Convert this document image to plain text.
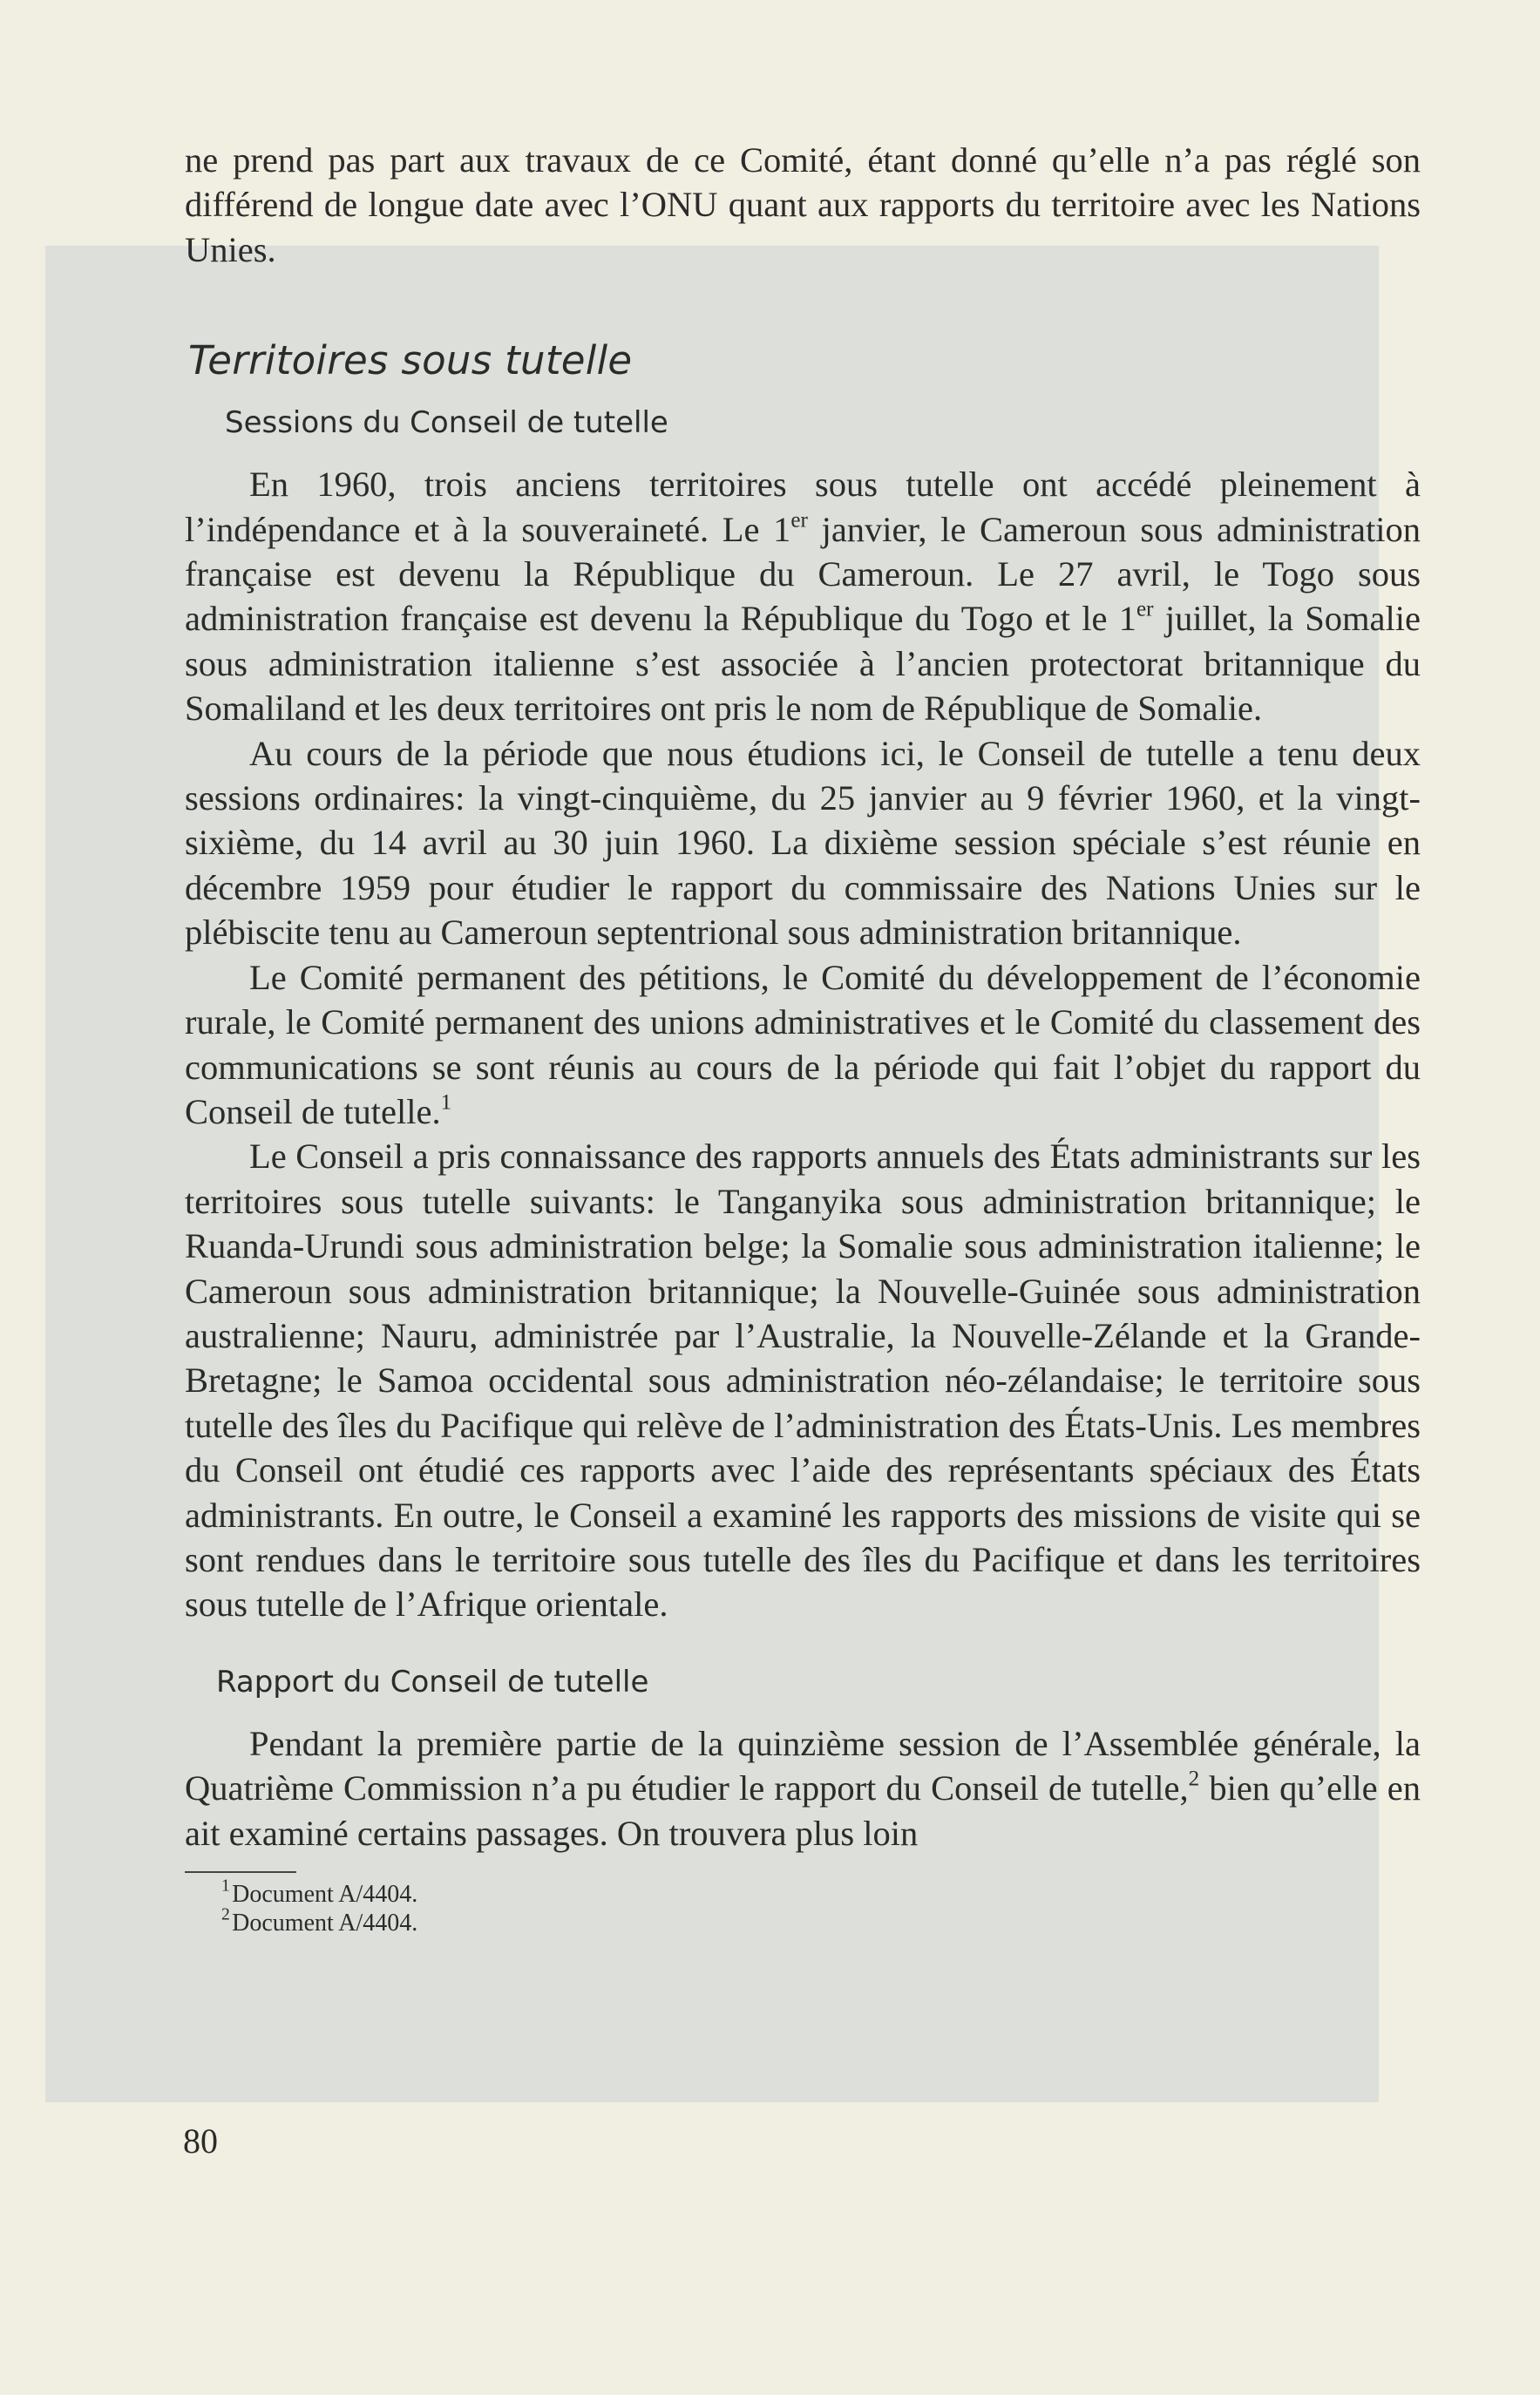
ne prend pas part aux travaux de ce Comité, étant donné qu’elle n’a pas réglé son différend de longue date avec l’ONU quant aux rapports du territoire avec les Nations Unies.

Territoires sous tutelle
Sessions du Conseil de tutelle

En 1960, trois anciens territoires sous tutelle ont accédé pleinement à l’indépendance et à la souveraineté. Le 1er janvier, le Cameroun sous administration française est devenu la République du Cameroun. Le 27 avril, le Togo sous administration française est devenu la République du Togo et le 1er juillet, la Somalie sous administration italienne s’est associée à l’ancien protectorat britannique du Somaliland et les deux territoires ont pris le nom de République de Somalie.

Au cours de la période que nous étudions ici, le Conseil de tutelle a tenu deux sessions ordinaires: la vingt-cinquième, du 25 janvier au 9 février 1960, et la vingt-sixième, du 14 avril au 30 juin 1960. La dixième session spéciale s’est réunie en décembre 1959 pour étudier le rapport du commissaire des Nations Unies sur le plébiscite tenu au Cameroun septentrional sous administration britannique.

Le Comité permanent des pétitions, le Comité du développement de l’économie rurale, le Comité permanent des unions administratives et le Comité du classement des communications se sont réunis au cours de la période qui fait l’objet du rapport du Conseil de tutelle.$^1$

Le Conseil a pris connaissance des rapports annuels des États administrants sur les territoires sous tutelle suivants: le Tanganyika sous administration britannique; le Ruanda-Urundi sous administration belge; la Somalie sous administration italienne; le Cameroun sous administration britannique; la Nouvelle-Guinée sous administration australienne; Nauru, administrée par l’Australie, la Nouvelle-Zélande et la Grande-Bretagne; le Samoa occidental sous administration néo-zélandaise; le territoire sous tutelle des îles du Pacifique qui relève de l’administration des États-Unis. Les membres du Conseil ont étudié ces rapports avec l’aide des représentants spéciaux des États administrants. En outre, le Conseil a examiné les rapports des missions de visite qui se sont rendues dans le territoire sous tutelle des îles du Pacifique et dans les territoires sous tutelle de l’Afrique orientale.

Rapport du Conseil de tutelle

Pendant la première partie de la quinzième session de l’Assemblée générale, la Quatrième Commission n’a pu étudier le rapport du Conseil de tutelle,$^2$ bien qu’elle en ait examiné certains passages. On trouvera plus loin

$^1$ Document A/4404.
$^2$ Document A/4404.
80
